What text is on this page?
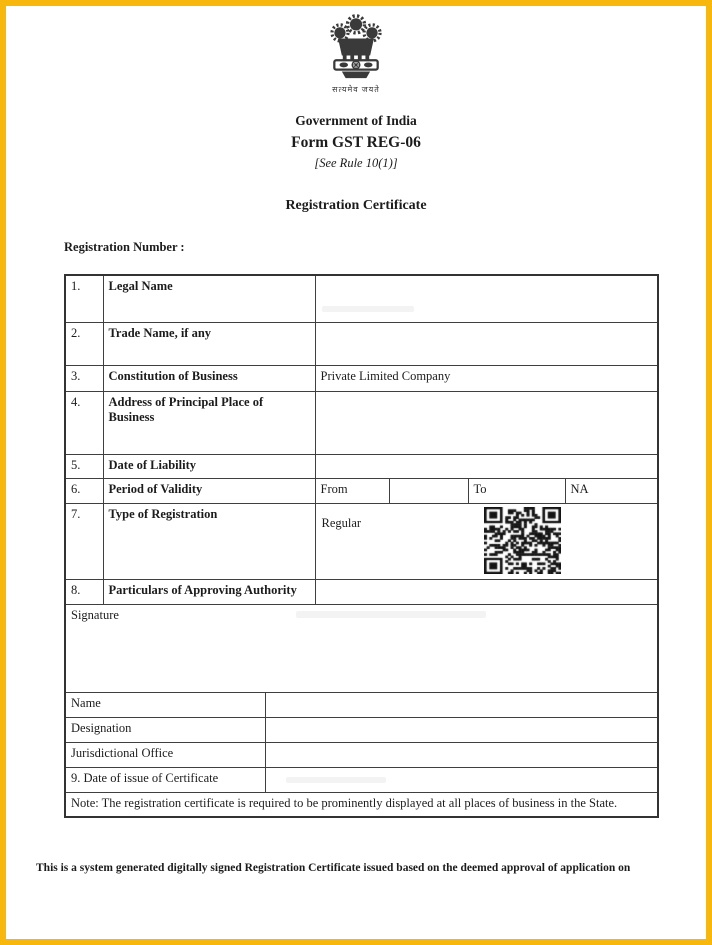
सत्यमेव जयते
Government of India
Form GST REG-06
[See Rule 10(1)]
Registration Certificate
Registration Number :
1.	Legal Name					

2.	Trade Name, if any					
3.	Constitution of Business		Private Limited Company			
4.	Address of Principal Place of Business					
5.	Date of Liability					
6.	Period of Validity		From		To	NA
7.	Type of Registration		Regular			

8.	Particulars of Approving Authority					
Signature						

Name						
Designation						
Jurisdictional Office						
9. Date of issue of Certificate						

Note: The registration certificate is required to be prominently displayed at all places of business in the State.						
This is a system generated digitally signed Registration Certificate issued based on the deemed approval of application on
